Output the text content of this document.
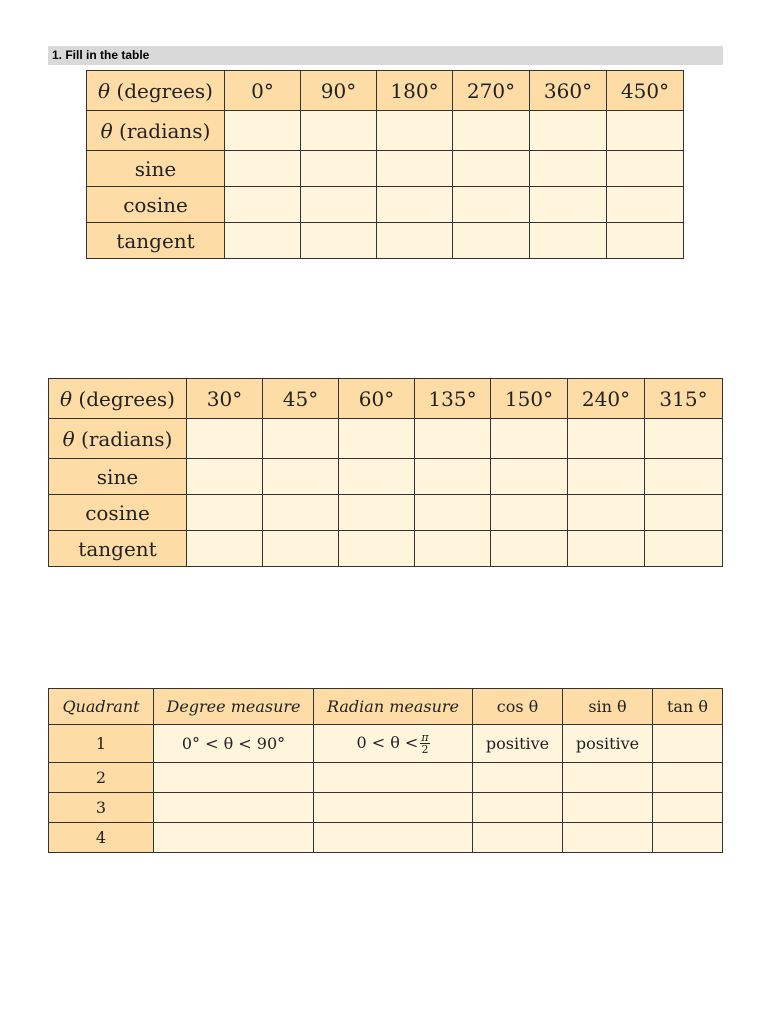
1. Fill in the table
θ (degrees)	0°	90°	180°	270°	360°	450°
θ (radians)						
sine						
cosine						
tangent						
θ (degrees)	30°	45°	60°	135°	150°	240°	315°
θ (radians)							
sine							
cosine							
tangent							
Quadrant	Degree measure	Radian measure	cos θ	sin θ	tan θ
1	0° < θ < 90°	$0 < \theta < \frac{\pi}{2}$	positive	positive	
2					
3					
4					
